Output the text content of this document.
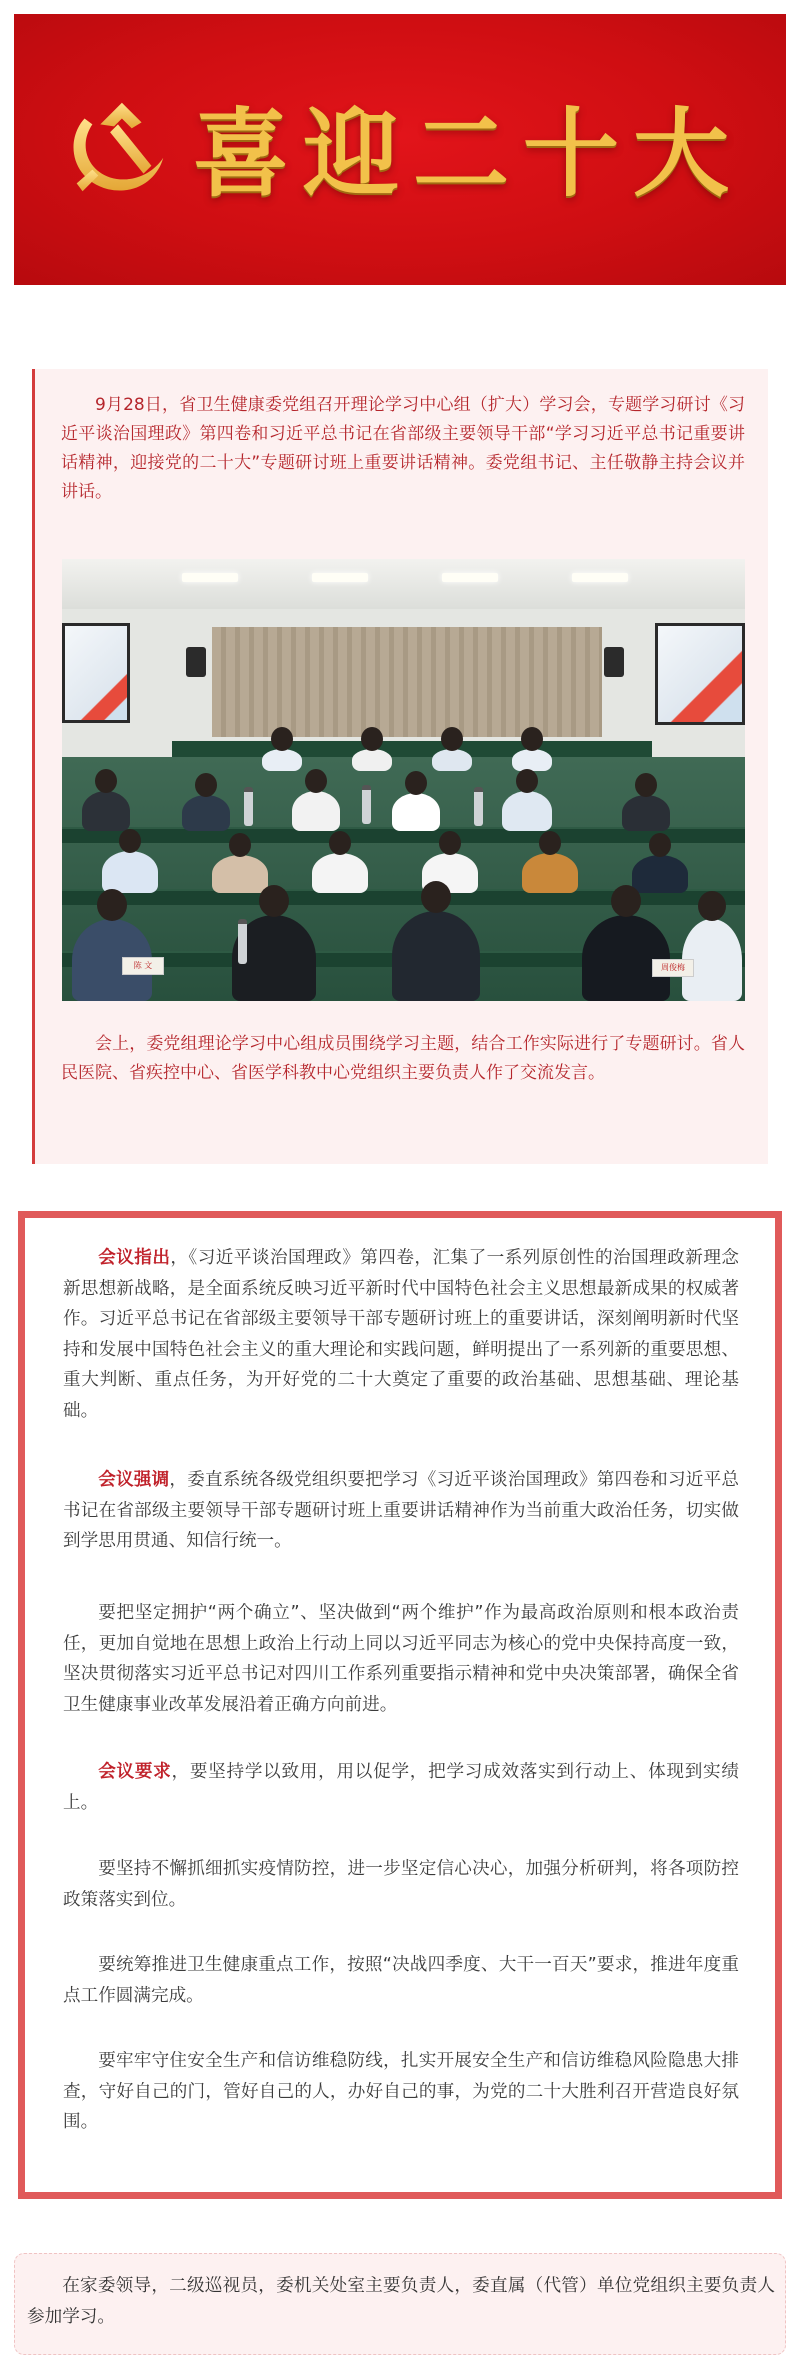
喜迎二十大

9月28日，省卫生健康委党组召开理论学习中心组（扩大）学习会，专题学习研讨《习近平谈治国理政》第四卷和习近平总书记在省部级主要领导干部“学习习近平总书记重要讲话精神，迎接党的二十大”专题研讨班上重要讲话精神。委党组书记、主任敬静主持会议并讲话。

陈 文	周俊梅

会上，委党组理论学习中心组成员围绕学习主题，结合工作实际进行了专题研讨。省人民医院、省疾控中心、省医学科教中心党组织主要负责人作了交流发言。

会议指出，《习近平谈治国理政》第四卷，汇集了一系列原创性的治国理政新理念新思想新战略，是全面系统反映习近平新时代中国特色社会主义思想最新成果的权威著作。习近平总书记在省部级主要领导干部专题研讨班上的重要讲话，深刻阐明新时代坚持和发展中国特色社会主义的重大理论和实践问题，鲜明提出了一系列新的重要思想、重大判断、重点任务，为开好党的二十大奠定了重要的政治基础、思想基础、理论基础。

会议强调，委直系统各级党组织要把学习《习近平谈治国理政》第四卷和习近平总书记在省部级主要领导干部专题研讨班上重要讲话精神作为当前重大政治任务，切实做到学思用贯通、知信行统一。

要把坚定拥护“两个确立”、坚决做到“两个维护”作为最高政治原则和根本政治责任，更加自觉地在思想上政治上行动上同以习近平同志为核心的党中央保持高度一致，坚决贯彻落实习近平总书记对四川工作系列重要指示精神和党中央决策部署，确保全省卫生健康事业改革发展沿着正确方向前进。

会议要求，要坚持学以致用，用以促学，把学习成效落实到行动上、体现到实绩上。

要坚持不懈抓细抓实疫情防控，进一步坚定信心决心，加强分析研判，将各项防控政策落实到位。

要统筹推进卫生健康重点工作，按照“决战四季度、大干一百天”要求，推进年度重点工作圆满完成。

要牢牢守住安全生产和信访维稳防线，扎实开展安全生产和信访维稳风险隐患大排查，守好自己的门，管好自己的人，办好自己的事，为党的二十大胜利召开营造良好氛围。

在家委领导，二级巡视员，委机关处室主要负责人，委直属（代管）单位党组织主要负责人参加学习。
